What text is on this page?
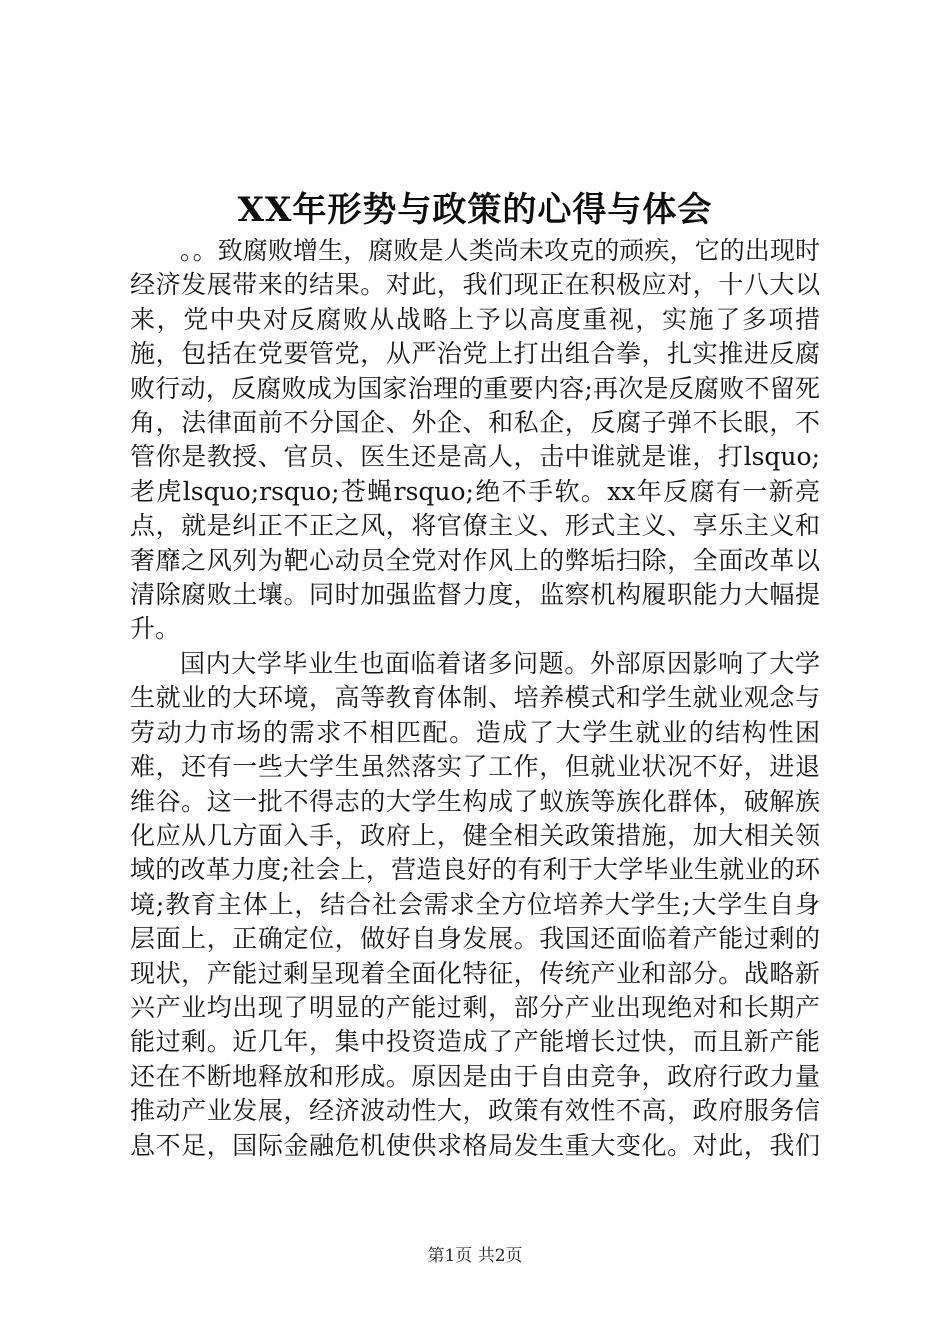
XX年形势与政策的心得与体会

。。致腐败增生，腐败是人类尚未攻克的顽疾，它的出现时经济发展带来的结果。对此，我们现正在积极应对，十八大以来，党中央对反腐败从战略上予以高度重视，实施了多项措施，包括在党要管党，从严治党上打出组合拳，扎实推进反腐败行动，反腐败成为国家治理的重要内容;再次是反腐败不留死角，法律面前不分国企、外企、和私企，反腐子弹不长眼，不管你是教授、官员、医生还是高人，击中谁就是谁，打lsquo;老虎lsquo;rsquo;苍蝇rsquo;绝不手软。xx年反腐有一新亮点，就是纠正不正之风，将官僚主义、形式主义、享乐主义和奢靡之风列为靶心动员全党对作风上的弊垢扫除，全面改革以清除腐败土壤。同时加强监督力度，监察机构履职能力大幅提升。

国内大学毕业生也面临着诸多问题。外部原因影响了大学生就业的大环境，高等教育体制、培养模式和学生就业观念与劳动力市场的需求不相匹配。造成了大学生就业的结构性困难，还有一些大学生虽然落实了工作，但就业状况不好，进退维谷。这一批不得志的大学生构成了蚁族等族化群体，破解族化应从几方面入手，政府上，健全相关政策措施，加大相关领域的改革力度;社会上，营造良好的有利于大学毕业生就业的环境;教育主体上，结合社会需求全方位培养大学生;大学生自身层面上，正确定位，做好自身发展。我国还面临着产能过剩的现状，产能过剩呈现着全面化特征，传统产业和部分。战略新兴产业均出现了明显的产能过剩，部分产业出现绝对和长期产能过剩。近几年，集中投资造成了产能增长过快，而且新产能还在不断地释放和形成。原因是由于自由竞争，政府行政力量推动产业发展，经济波动性大，政策有效性不高，政府服务信息不足，国际金融危机使供求格局发生重大变化。对此，我们

第1页 共2页
